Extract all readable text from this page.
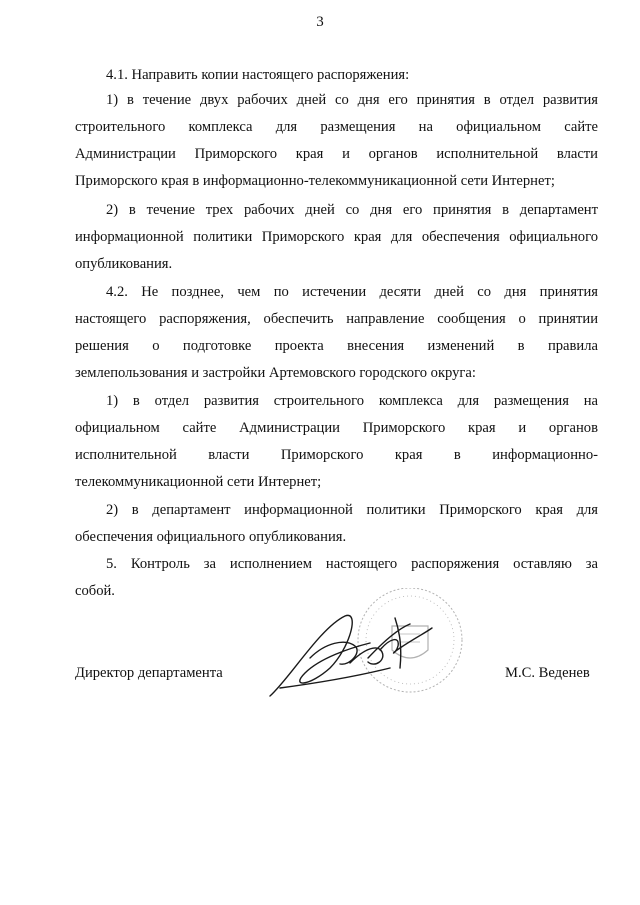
3
4.1. Направить копии настоящего распоряжения:
1) в течение двух рабочих дней со дня его принятия в отдел развития
строительного комплекса для размещения на официальном сайте
Администрации Приморского края и органов исполнительной власти
Приморского края в информационно-телекоммуникационной сети Интернет;
2) в течение трех рабочих дней со дня его принятия в департамент
информационной политики Приморского края для обеспечения официального
опубликования.
4.2. Не позднее, чем по истечении десяти дней со дня принятия
настоящего распоряжения, обеспечить направление сообщения о принятии
решения о подготовке проекта внесения изменений в правила
землепользования и застройки Артемовского городского округа:
1) в отдел развития строительного комплекса для размещения на
официальном сайте Администрации Приморского края и органов
исполнительной власти Приморского края в информационно-
телекоммуникационной сети Интернет;
2) в департамент информационной политики Приморского края для
обеспечения официального опубликования.
5. Контроль за исполнением настоящего распоряжения оставляю за
собой.
Директор департамента	М.С. Веденев
